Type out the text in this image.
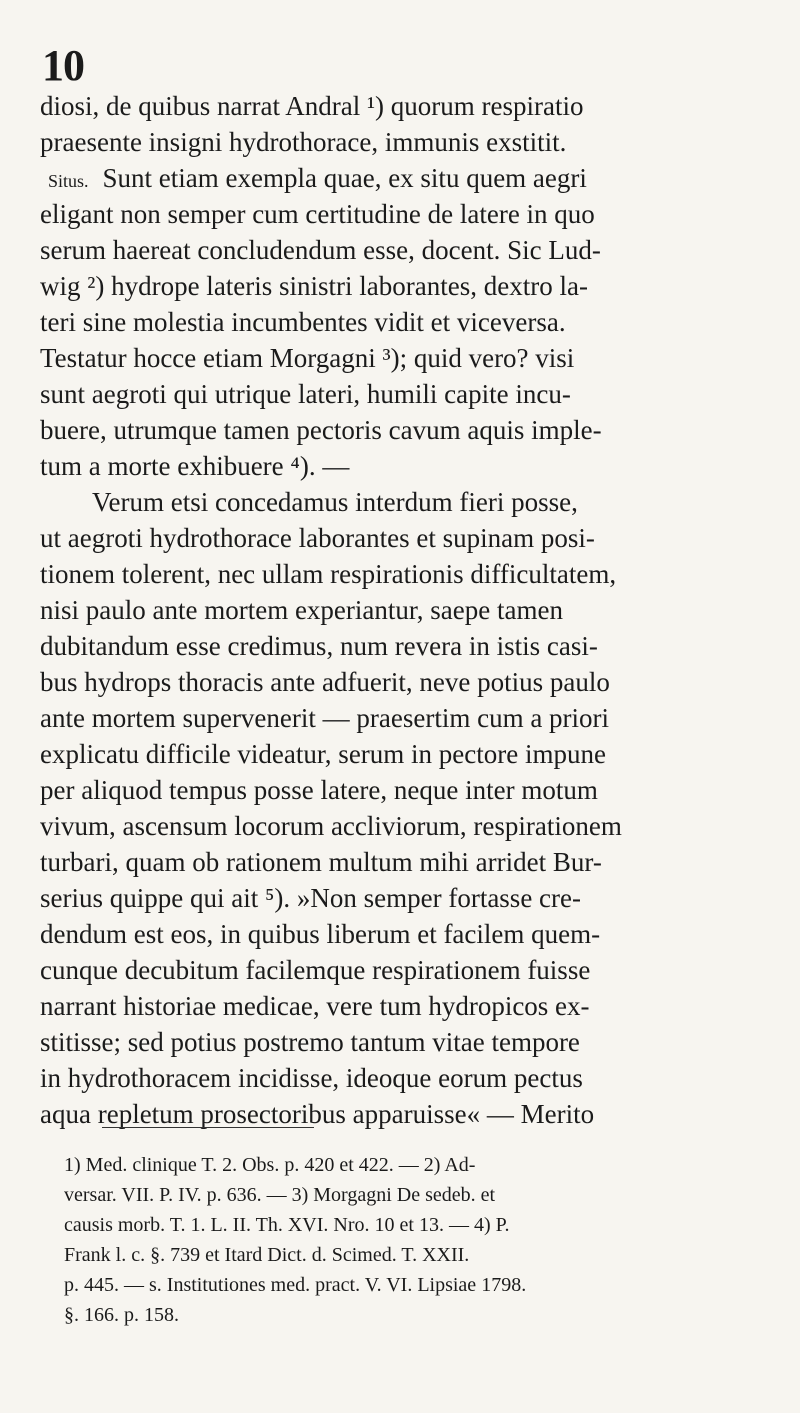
10
diosi, de quibus narrat Andral ¹) quorum respiratio
praesente insigni hydrothorace, immunis exstitit.
Situs. Sunt etiam exempla quae, ex situ quem aegri
eligant non semper cum certitudine de latere in quo
serum haereat concludendum esse, docent. Sic Lud-
wig ²) hydrope lateris sinistri laborantes, dextro la-
teri sine molestia incumbentes vidit et viceversa.
Testatur hocce etiam Morgagni ³); quid vero? visi
sunt aegroti qui utrique lateri, humili capite incu-
buere, utrumque tamen pectoris cavum aquis imple-
tum a morte exhibuere ⁴). —
Verum etsi concedamus interdum fieri posse,
ut aegroti hydrothorace laborantes et supinam posi-
tionem tolerent, nec ullam respirationis difficultatem,
nisi paulo ante mortem experiantur, saepe tamen
dubitandum esse credimus, num revera in istis casi-
bus hydrops thoracis ante adfuerit, neve potius paulo
ante mortem supervenerit — praesertim cum a priori
explicatu difficile videatur, serum in pectore impune
per aliquod tempus posse latere, neque inter motum
vivum, ascensum locorum accliviorum, respirationem
turbari, quam ob rationem multum mihi arridet Bur-
serius quippe qui ait ⁵). »Non semper fortasse cre-
dendum est eos, in quibus liberum et facilem quem-
cunque decubitum facilemque respirationem fuisse
narrant historiae medicae, vere tum hydropicos ex-
stitisse; sed potius postremo tantum vitae tempore
in hydrothoracem incidisse, ideoque eorum pectus
aqua repletum prosectoribus apparuisse« — Merito
1) Med. clinique T. 2. Obs. p. 420 et 422. — 2) Ad-
versar. VII. P. IV. p. 636. — 3) Morgagni De sedeb. et
causis morb. T. 1. L. II. Th. XVI. Nro. 10 et 13. — 4) P.
Frank l. c. §. 739 et Itard Dict. d. Scimed. T. XXII.
p. 445. — s. Institutiones med. pract. V. VI. Lipsiae 1798.
§. 166. p. 158.
